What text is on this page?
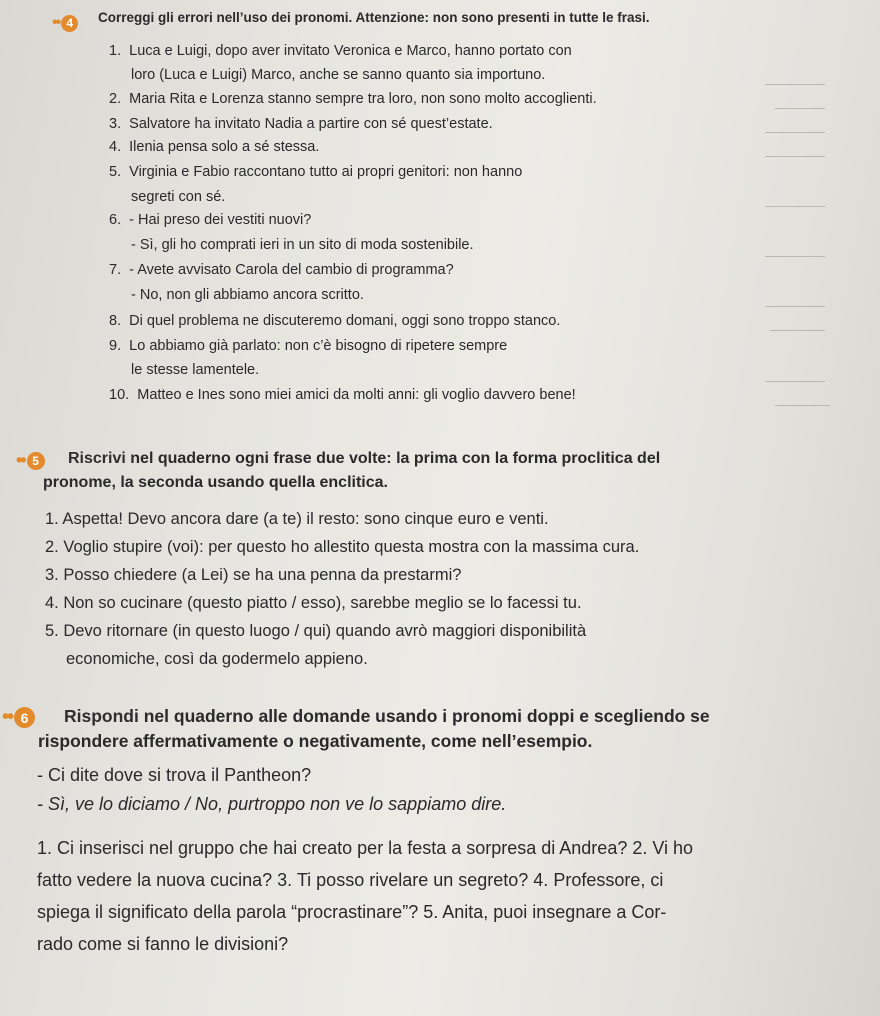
•• 4	Correggi gli errori nell’uso dei pronomi. Attenzione: non sono presenti in tutte le frasi.

1. Luca e Luigi, dopo aver invitato Veronica e Marco, hanno portato con

loro (Luca e Luigi) Marco, anche se sanno quanto sia importuno.

2. Maria Rita e Lorenza stanno sempre tra loro, non sono molto accoglienti.

3. Salvatore ha invitato Nadia a partire con sé quest’estate.

4. Ilenia pensa solo a sé stessa.

5. Virginia e Fabio raccontano tutto ai propri genitori: non hanno

segreti con sé.

6. - Hai preso dei vestiti nuovi?

- Sì, gli ho comprati ieri in un sito di moda sostenibile.

7. - Avete avvisato Carola del cambio di programma?

- No, non gli abbiamo ancora scritto.

8. Di quel problema ne discuteremo domani, oggi sono troppo stanco.

9. Lo abbiamo già parlato: non c’è bisogno di ripetere sempre

le stesse lamentele.

10. Matteo e Ines sono miei amici da molti anni: gli voglio davvero bene!

•• 5	Riscrivi nel quaderno ogni frase due volte: la prima con la forma proclitica del

pronome, la seconda usando quella enclitica.

1. Aspetta! Devo ancora dare (a te) il resto: sono cinque euro e venti.

2. Voglio stupire (voi): per questo ho allestito questa mostra con la massima cura.

3. Posso chiedere (a Lei) se ha una penna da prestarmi?

4. Non so cucinare (questo piatto / esso), sarebbe meglio se lo facessi tu.

5. Devo ritornare (in questo luogo / qui) quando avrò maggiori disponibilità

economiche, così da godermelo appieno.

•• 6	Rispondi nel quaderno alle domande usando i pronomi doppi e scegliendo se

rispondere affermativamente o negativamente, come nell’esempio.

- Ci dite dove si trova il Pantheon?

- Sì, ve lo diciamo / No, purtroppo non ve lo sappiamo dire.

1. Ci inserisci nel gruppo che hai creato per la festa a sorpresa di Andrea? 2. Vi ho

fatto vedere la nuova cucina? 3. Ti posso rivelare un segreto? 4. Professore, ci

spiega il significato della parola “procrastinare”? 5. Anita, puoi insegnare a Cor-

rado come si fanno le divisioni?
